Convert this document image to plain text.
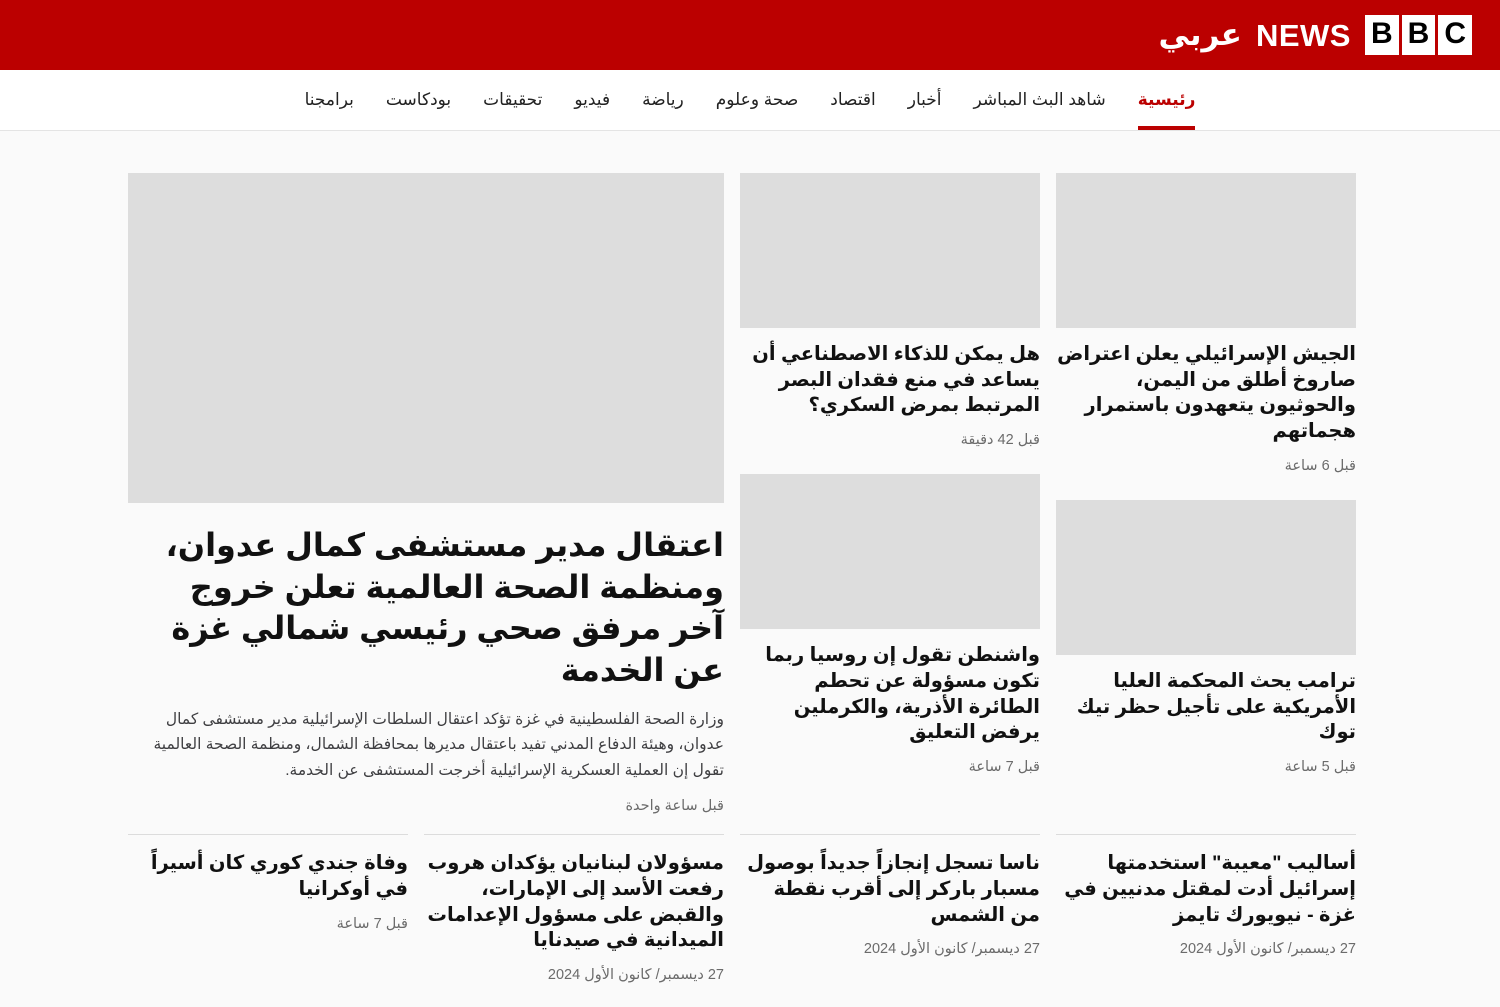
B B C
NEWS
عربي
رئيسية
شاهد البث المباشر
أخبار
اقتصاد
صحة وعلوم
رياضة
فيديو
تحقيقات
بودكاست
برامجنا
الجيش الإسرائيلي يعلن اعتراض صاروخ أطلق من اليمن، والحوثيون يتعهدون باستمرار هجماتهم
قبل 6 ساعة
ترامب يحث المحكمة العليا الأمريكية على تأجيل حظر تيك توك
قبل 5 ساعة
هل يمكن للذكاء الاصطناعي أن يساعد في منع فقدان البصر المرتبط بمرض السكري؟
قبل 42 دقيقة
واشنطن تقول إن روسيا ربما تكون مسؤولة عن تحطم الطائرة الأذرية، والكرملين يرفض التعليق
قبل 7 ساعة
اعتقال مدير مستشفى كمال عدوان، ومنظمة الصحة العالمية تعلن خروج آخر مرفق صحي رئيسي شمالي غزة عن الخدمة

وزارة الصحة الفلسطينية في غزة تؤكد اعتقال السلطات الإسرائيلية مدير مستشفى كمال عدوان، وهيئة الدفاع المدني تفيد باعتقال مديرها بمحافظة الشمال، ومنظمة الصحة العالمية تقول إن العملية العسكرية الإسرائيلية أخرجت المستشفى عن الخدمة.

قبل ساعة واحدة
أساليب "معيبة" استخدمتها إسرائيل أدت لمقتل مدنيين في غزة - نيويورك تايمز
27 ديسمبر/ كانون الأول 2024
ناسا تسجل إنجازاً جديداً بوصول مسبار باركر إلى أقرب نقطة من الشمس
27 ديسمبر/ كانون الأول 2024
مسؤولان لبنانيان يؤكدان هروب رفعت الأسد إلى الإمارات، والقبض على مسؤول الإعدامات الميدانية في صيدنايا
27 ديسمبر/ كانون الأول 2024
وفاة جندي كوري كان أسيراً في أوكرانيا
قبل 7 ساعة
